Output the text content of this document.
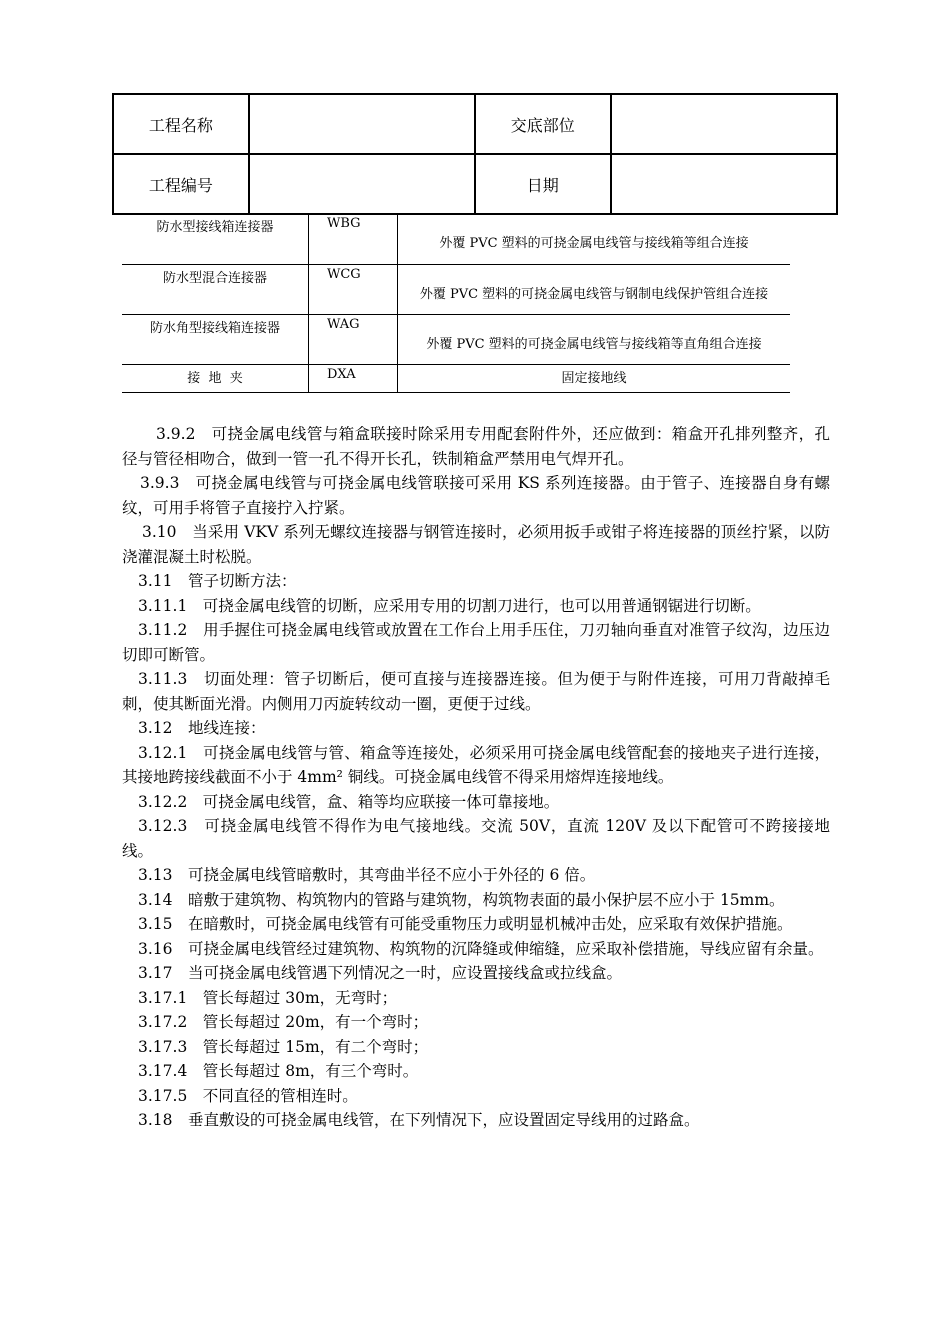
工程名称		交底部位	
工程编号		日期	
防水型接线箱连接器	WBG	外覆 PVC 塑料的可挠金属电线管与接线箱等组合连接
防水型混合连接器	WCG	外覆 PVC 塑料的可挠金属电线管与钢制电线保护管组合连接
防水角型接线箱连接器	WAG	外覆 PVC 塑料的可挠金属电线管与接线箱等直角组合连接
接  地  夹	DXA	固定接地线

3.9.2　可挠金属电线管与箱盒联接时除采用专用配套附件外，还应做到：箱盒开孔排列整齐，孔径与管径相吻合，做到一管一孔不得开长孔，铁制箱盒严禁用电气焊开孔。

3.9.3　可挠金属电线管与可挠金属电线管联接可采用 KS 系列连接器。由于管子、连接器自身有螺纹，可用手将管子直接拧入拧紧。

3.10　当采用 VKV 系列无螺纹连接器与钢管连接时，必须用扳手或钳子将连接器的顶丝拧紧，以防浇灌混凝土时松脱。

3.11　管子切断方法：

3.11.1　可挠金属电线管的切断，应采用专用的切割刀进行，也可以用普通钢锯进行切断。

3.11.2　用手握住可挠金属电线管或放置在工作台上用手压住，刀刃轴向垂直对准管子纹沟，边压边切即可断管。

3.11.3　切面处理：管子切断后，便可直接与连接器连接。但为便于与附件连接，可用刀背敲掉毛刺，使其断面光滑。内侧用刀丙旋转纹动一圈，更便于过线。

3.12　地线连接：

3.12.1　可挠金属电线管与管、箱盒等连接处，必须采用可挠金属电线管配套的接地夹子进行连接，其接地跨接线截面不小于 4mm² 铜线。可挠金属电线管不得采用熔焊连接地线。

3.12.2　可挠金属电线管，盒、箱等均应联接一体可靠接地。

3.12.3　可挠金属电线管不得作为电气接地线。交流 50V，直流 120V 及以下配管可不跨接接地线。

3.13　可挠金属电线管暗敷时，其弯曲半径不应小于外径的 6 倍。

3.14　暗敷于建筑物、构筑物内的管路与建筑物，构筑物表面的最小保护层不应小于 15mm。

3.15　在暗敷时，可挠金属电线管有可能受重物压力或明显机械冲击处，应采取有效保护措施。

3.16　可挠金属电线管经过建筑物、构筑物的沉降缝或伸缩缝，应采取补偿措施，导线应留有余量。

3.17　当可挠金属电线管遇下列情况之一时，应设置接线盒或拉线盒。

3.17.1　管长每超过 30m，无弯时；

3.17.2　管长每超过 20m，有一个弯时；

3.17.3　管长每超过 15m，有二个弯时；

3.17.4　管长每超过 8m，有三个弯时。

3.17.5　不同直径的管相连时。

3.18　垂直敷设的可挠金属电线管，在下列情况下，应设置固定导线用的过路盒。
